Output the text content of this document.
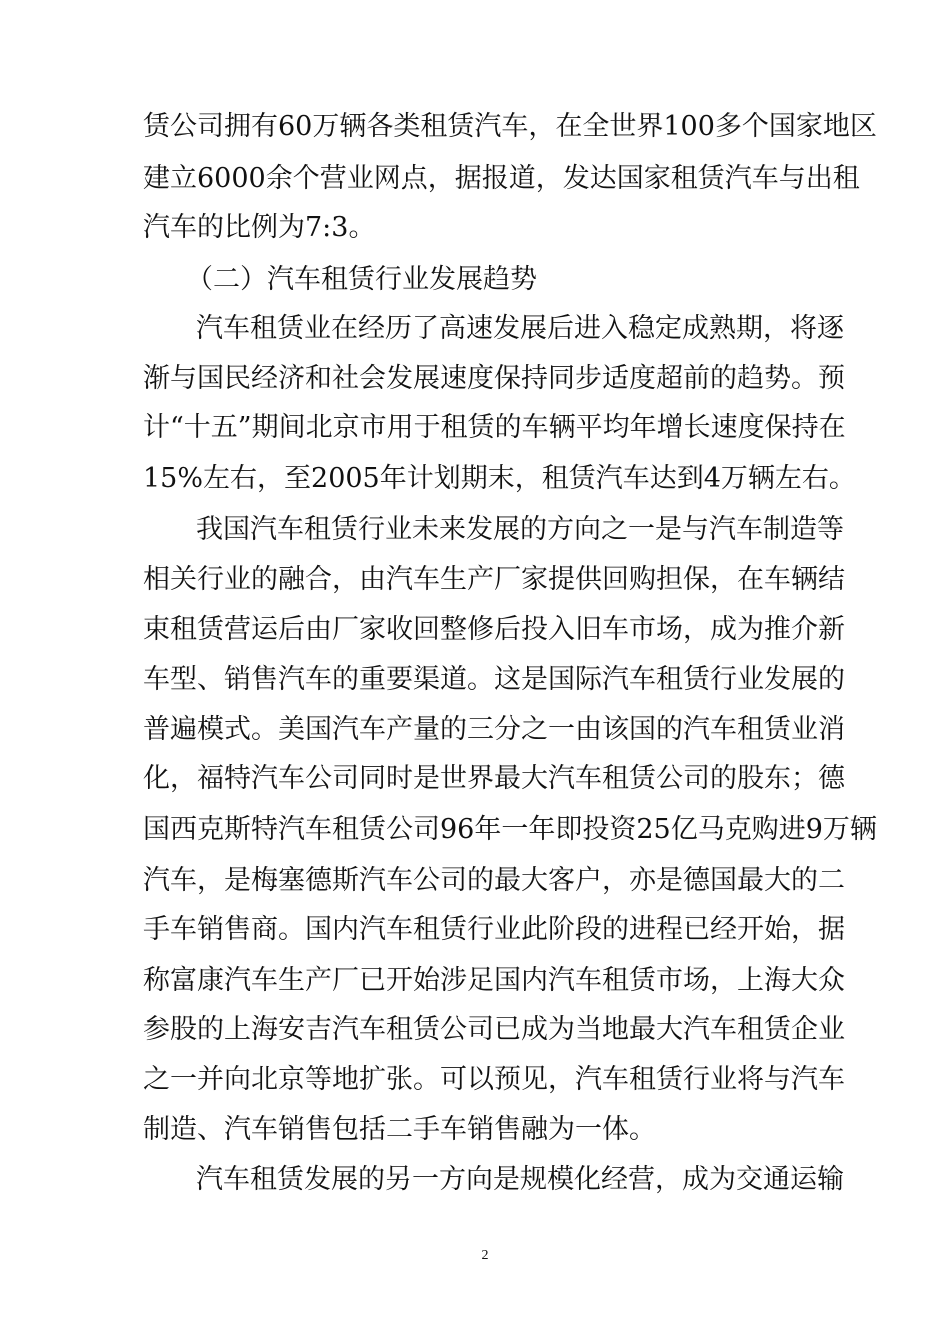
赁公司拥有60万辆各类租赁汽车，在全世界100多个国家地区
建立6000余个营业网点，据报道，发达国家租赁汽车与出租
汽车的比例为7:3。
（二）汽车租赁行业发展趋势
汽车租赁业在经历了高速发展后进入稳定成熟期，将逐
渐与国民经济和社会发展速度保持同步适度超前的趋势。预
计“十五”期间北京市用于租赁的车辆平均年增长速度保持在
15%左右，至2005年计划期末，租赁汽车达到4万辆左右。
我国汽车租赁行业未来发展的方向之一是与汽车制造等
相关行业的融合，由汽车生产厂家提供回购担保，在车辆结
束租赁营运后由厂家收回整修后投入旧车市场，成为推介新
车型、销售汽车的重要渠道。这是国际汽车租赁行业发展的
普遍模式。美国汽车产量的三分之一由该国的汽车租赁业消
化，福特汽车公司同时是世界最大汽车租赁公司的股东；德
国西克斯特汽车租赁公司96年一年即投资25亿马克购进9万辆
汽车，是梅塞德斯汽车公司的最大客户，亦是德国最大的二
手车销售商。国内汽车租赁行业此阶段的进程已经开始，据
称富康汽车生产厂已开始涉足国内汽车租赁市场，上海大众
参股的上海安吉汽车租赁公司已成为当地最大汽车租赁企业
之一并向北京等地扩张。可以预见，汽车租赁行业将与汽车
制造、汽车销售包括二手车销售融为一体。
汽车租赁发展的另一方向是规模化经营，成为交通运输
2
